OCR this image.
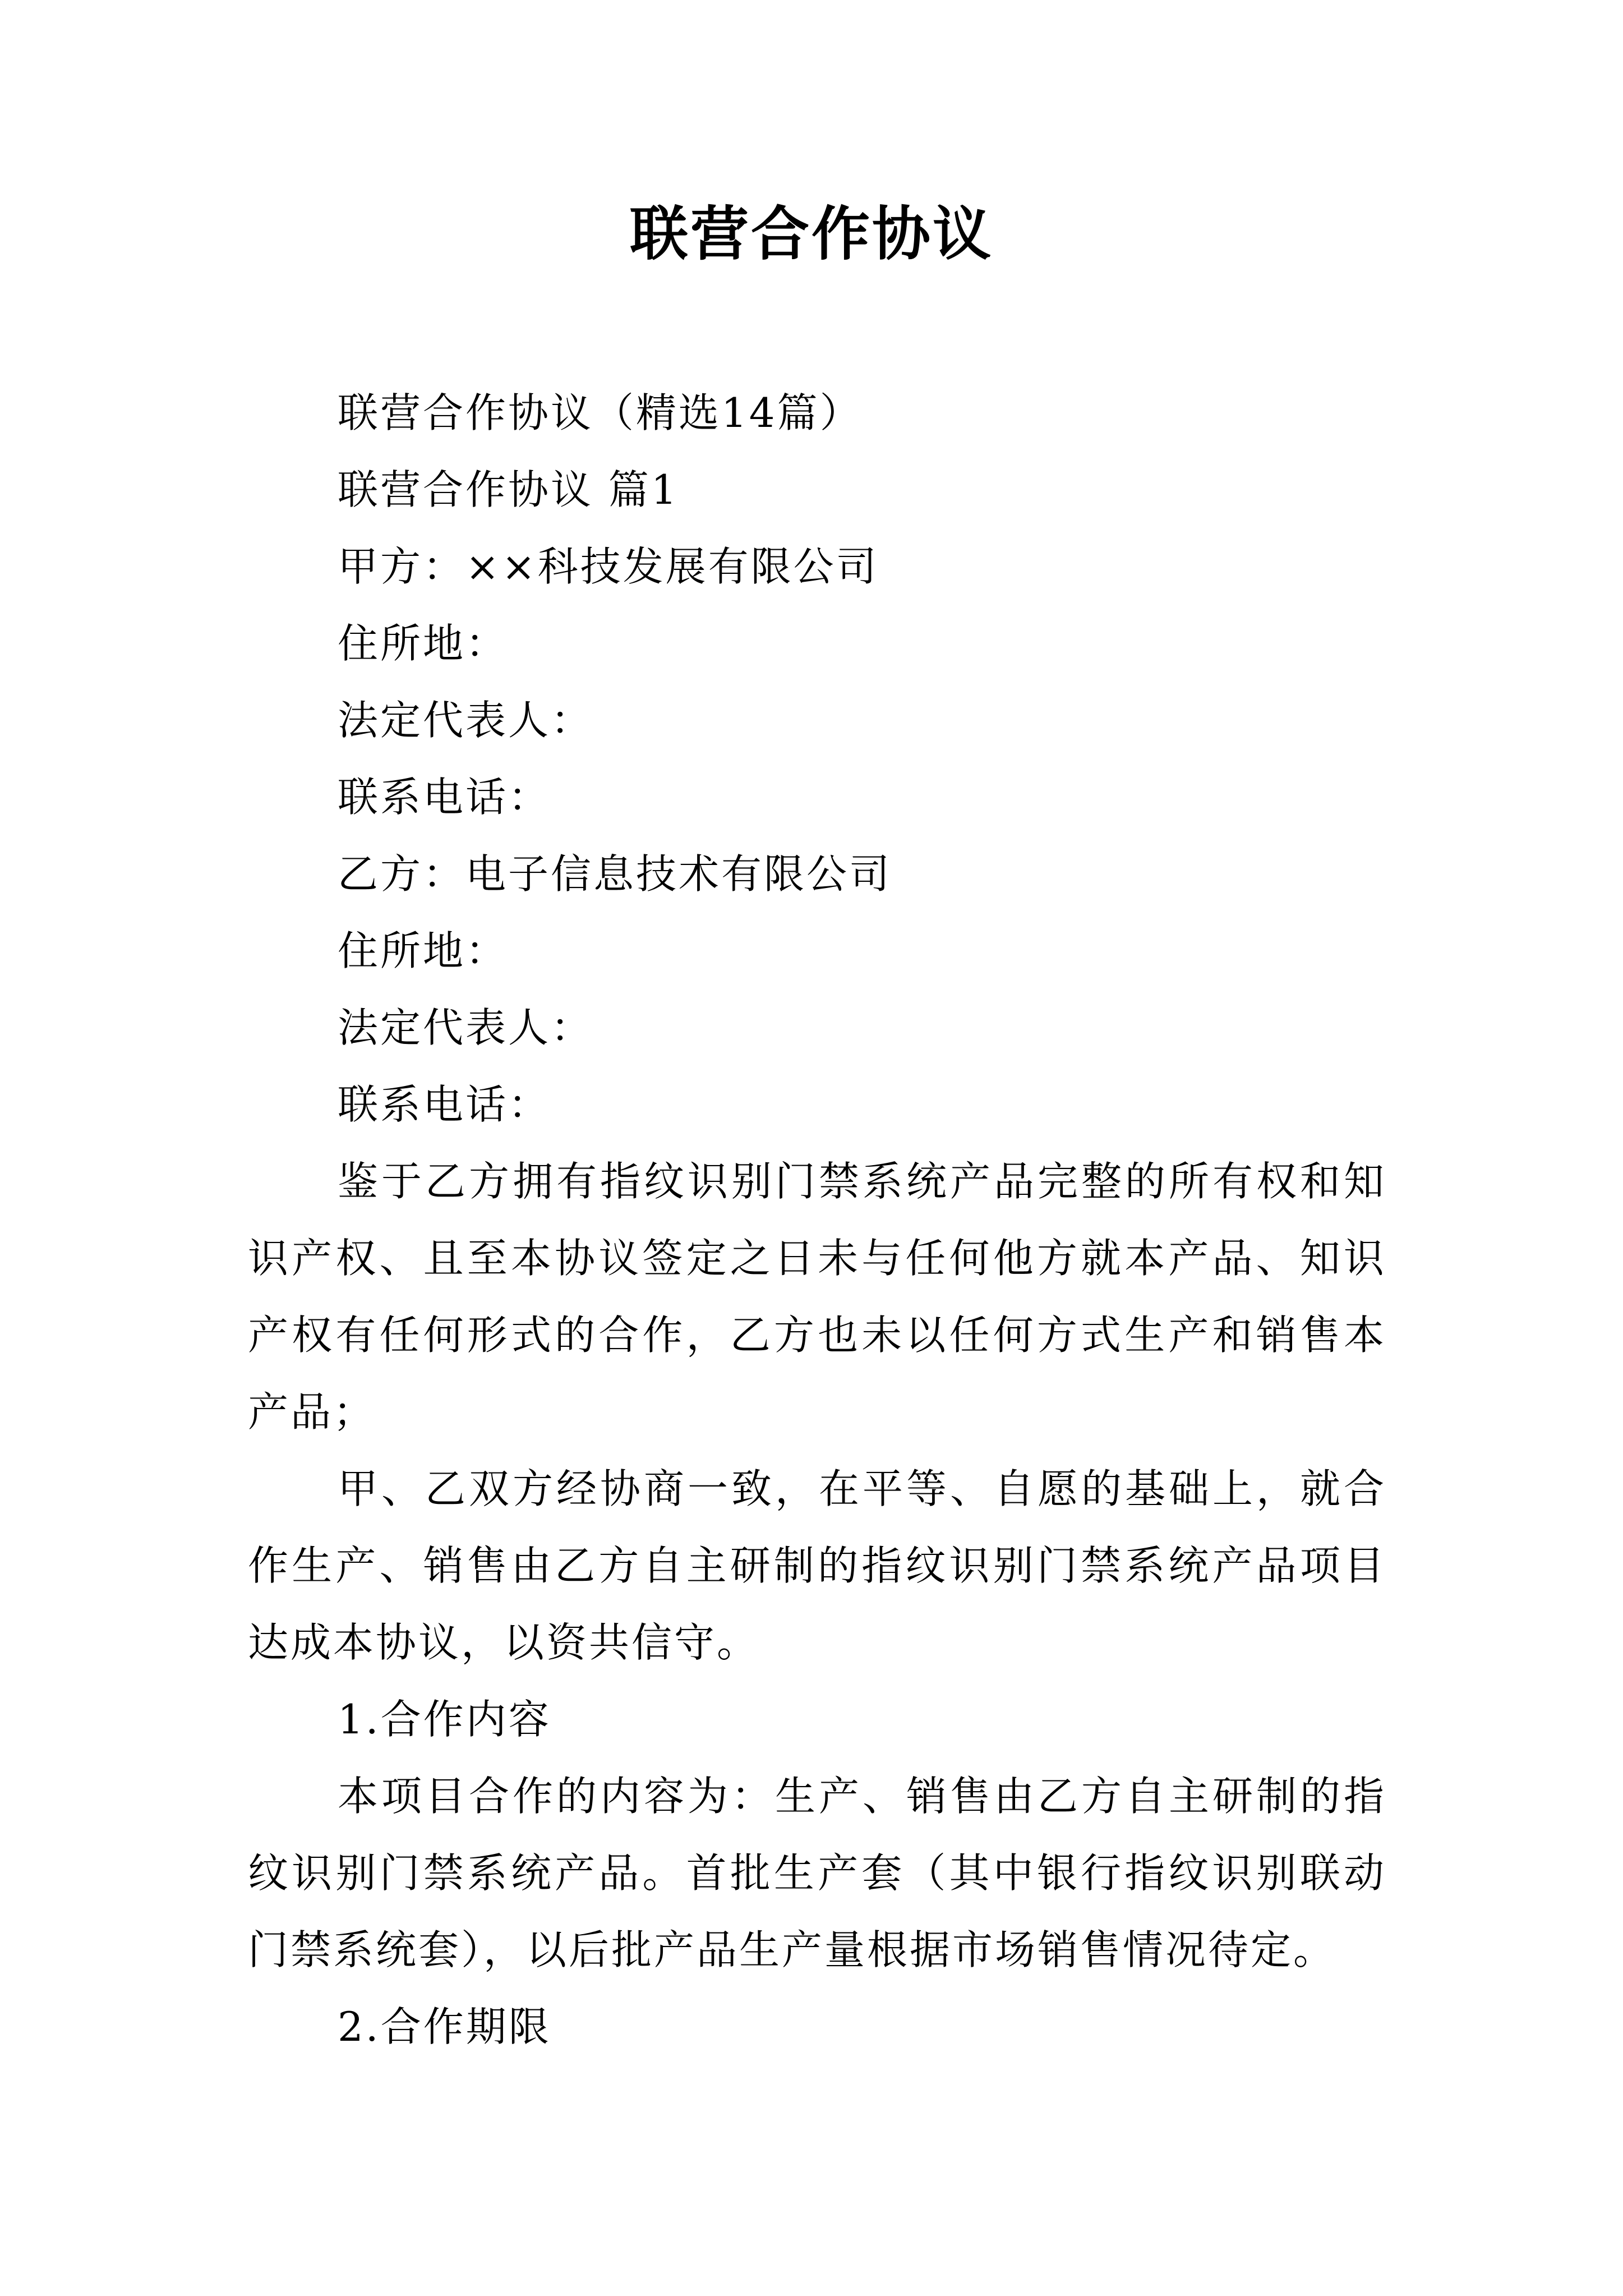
联营合作协议
联营合作协议（精选14篇）
联营合作协议 篇1
甲方：××科技发展有限公司
住所地：
法定代表人：
联系电话：
乙方：电子信息技术有限公司
住所地：
法定代表人：
联系电话：

鉴于乙方拥有指纹识别门禁系统产品完整的所有权和知识产权、且至本协议签定之日未与任何他方就本产品、知识产权有任何形式的合作，乙方也未以任何方式生产和销售本产品；

甲、乙双方经协商一致，在平等、自愿的基础上，就合作生产、销售由乙方自主研制的指纹识别门禁系统产品项目达成本协议，以资共信守。

1.合作内容

本项目合作的内容为：生产、销售由乙方自主研制的指纹识别门禁系统产品。首批生产套（其中银行指纹识别联动门禁系统套），以后批产品生产量根据市场销售情况待定。

2.合作期限
